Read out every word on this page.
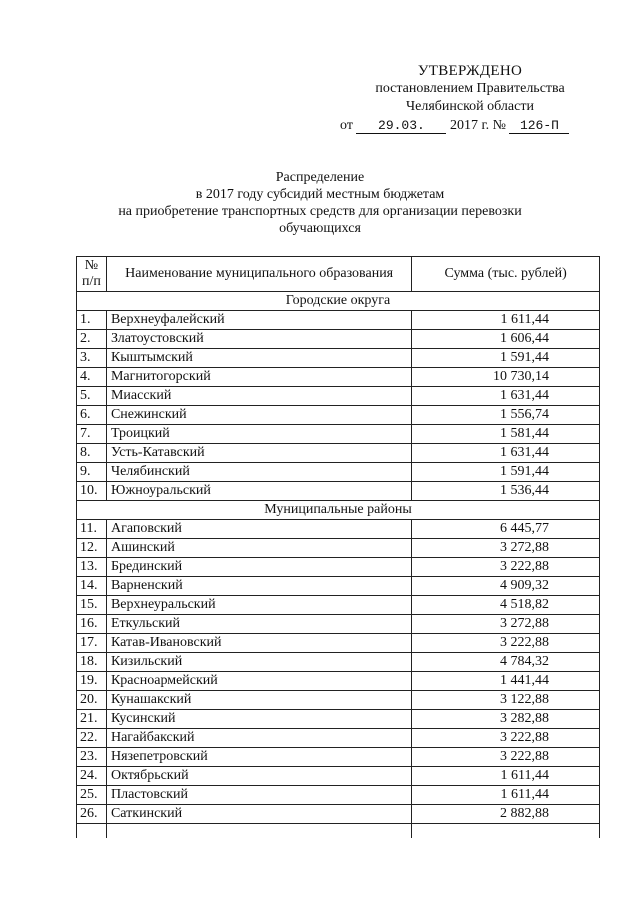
УТВЕРЖДЕНО
постановлением Правительства
Челябинской области
от 29.03. 2017 г. № 126-П
Распределение
в 2017 году субсидий местным бюджетам
на приобретение транспортных средств для организации перевозки
обучающихся
№ п/п	Наименование муниципального образования	Сумма (тыс. рублей)
Городские округа		
1.	Верхнеуфалейский	1 611,44
2.	Златоустовский	1 606,44
3.	Кыштымский	1 591,44
4.	Магнитогорский	10 730,14
5.	Миасский	1 631,44
6.	Снежинский	1 556,74
7.	Троицкий	1 581,44
8.	Усть-Катавский	1 631,44
9.	Челябинский	1 591,44
10.	Южноуральский	1 536,44
Муниципальные районы		
11.	Агаповский	6 445,77
12.	Ашинский	3 272,88
13.	Брединский	3 222,88
14.	Варненский	4 909,32
15.	Верхнеуральский	4 518,82
16.	Еткульский	3 272,88
17.	Катав-Ивановский	3 222,88
18.	Кизильский	4 784,32
19.	Красноармейский	1 441,44
20.	Кунашакский	3 122,88
21.	Кусинский	3 282,88
22.	Нагайбакский	3 222,88
23.	Нязепетровский	3 222,88
24.	Октябрьский	1 611,44
25.	Пластовский	1 611,44
26.	Саткинский	2 882,88
